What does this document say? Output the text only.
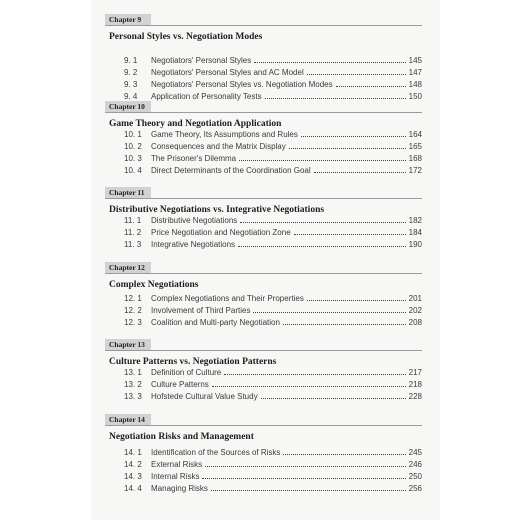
Chapter 9
Personal Styles vs. Negotiation Modes
9. 1	Negotiators' Personal Styles	145
9. 2	Negotiators' Personal Styles and AC Model	147
9. 3	Negotiators' Personal Styles vs. Negotiation Modes	148
9. 4	Application of Personality Tests	150
Chapter 10
Game Theory and Negotiation Application
10. 1	Game Theory, Its Assumptions and Rules	164
10. 2	Consequences and the Matrix Display	165
10. 3	The Prisoner's Dilemma	168
10. 4	Direct Determinants of the Coordination Goal	172
Chapter 11
Distributive Negotiations vs. Integrative Negotiations
11. 1	Distributive Negotiations	182
11. 2	Price Negotiation and Negotiation Zone	184
11. 3	Integrative Negotiations	190
Chapter 12
Complex Negotiations
12. 1	Complex Negotiations and Their Properties	201
12. 2	Involvement of Third Parties	202
12. 3	Coalition and Multi-party Negotiation	208
Chapter 13
Culture Patterns vs. Negotiation Patterns
13. 1	Definition of Culture	217
13. 2	Culture Patterns	218
13. 3	Hofstede Cultural Value Study	228
Chapter 14
Negotiation Risks and Management
14. 1	Identification of the Sources of Risks	245
14. 2	External Risks	246
14. 3	Internal Risks	250
14. 4	Managing Risks	256
